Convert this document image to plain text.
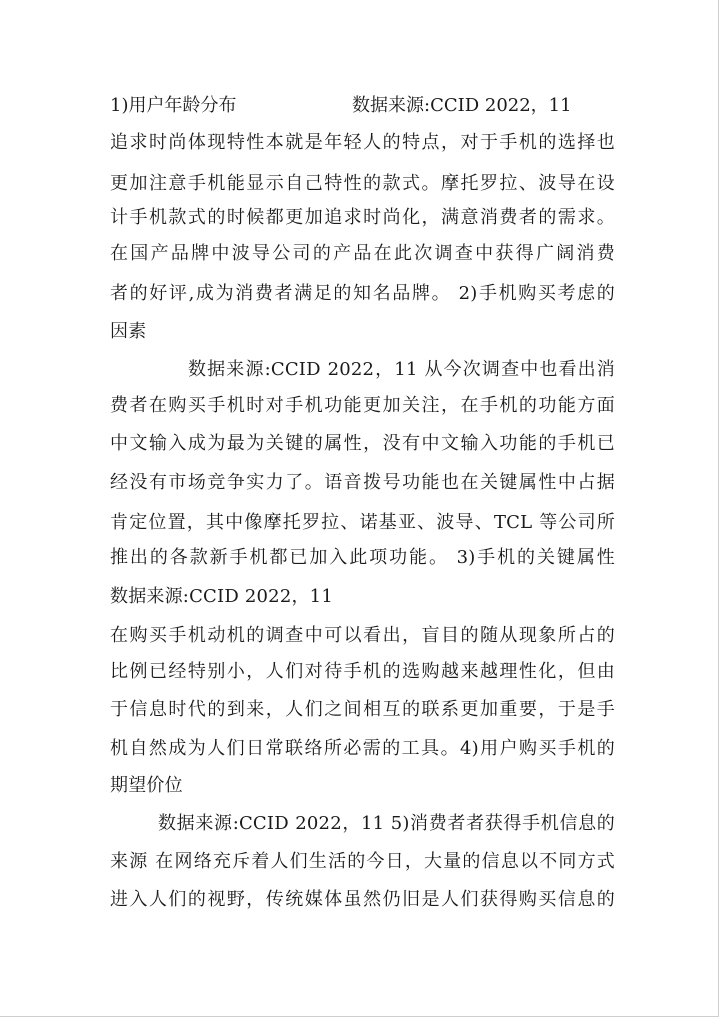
1)用户年龄分布	数据来源:CCID 2022，11
追求时尚体现特性本就是年轻人的特点，对于手机的选择也
更加注意手机能显示自己特性的款式。摩托罗拉、波导在设
计手机款式的时候都更加追求时尚化，满意消费者的需求。
在国产品牌中波导公司的产品在此次调查中获得广阔消费
者的好评,成为消费者满足的知名品牌。 2)手机购买考虑的
因素
数据来源:CCID 2022，11 从今次调查中也看出消
费者在购买手机时对手机功能更加关注，在手机的功能方面
中文输入成为最为关键的属性，没有中文输入功能的手机已
经没有市场竞争实力了。语音拨号功能也在关键属性中占据
肯定位置，其中像摩托罗拉、诺基亚、波导、TCL 等公司所
推出的各款新手机都已加入此项功能。 3)手机的关键属性
数据来源:CCID 2022，11
在购买手机动机的调查中可以看出，盲目的随从现象所占的
比例已经特别小，人们对待手机的选购越来越理性化，但由
于信息时代的到来，人们之间相互的联系更加重要，于是手
机自然成为人们日常联络所必需的工具。4)用户购买手机的
期望价位
数据来源:CCID 2022，11 5)消费者者获得手机信息的
来源 在网络充斥着人们生活的今日，大量的信息以不同方式
进入人们的视野，传统媒体虽然仍旧是人们获得购买信息的
